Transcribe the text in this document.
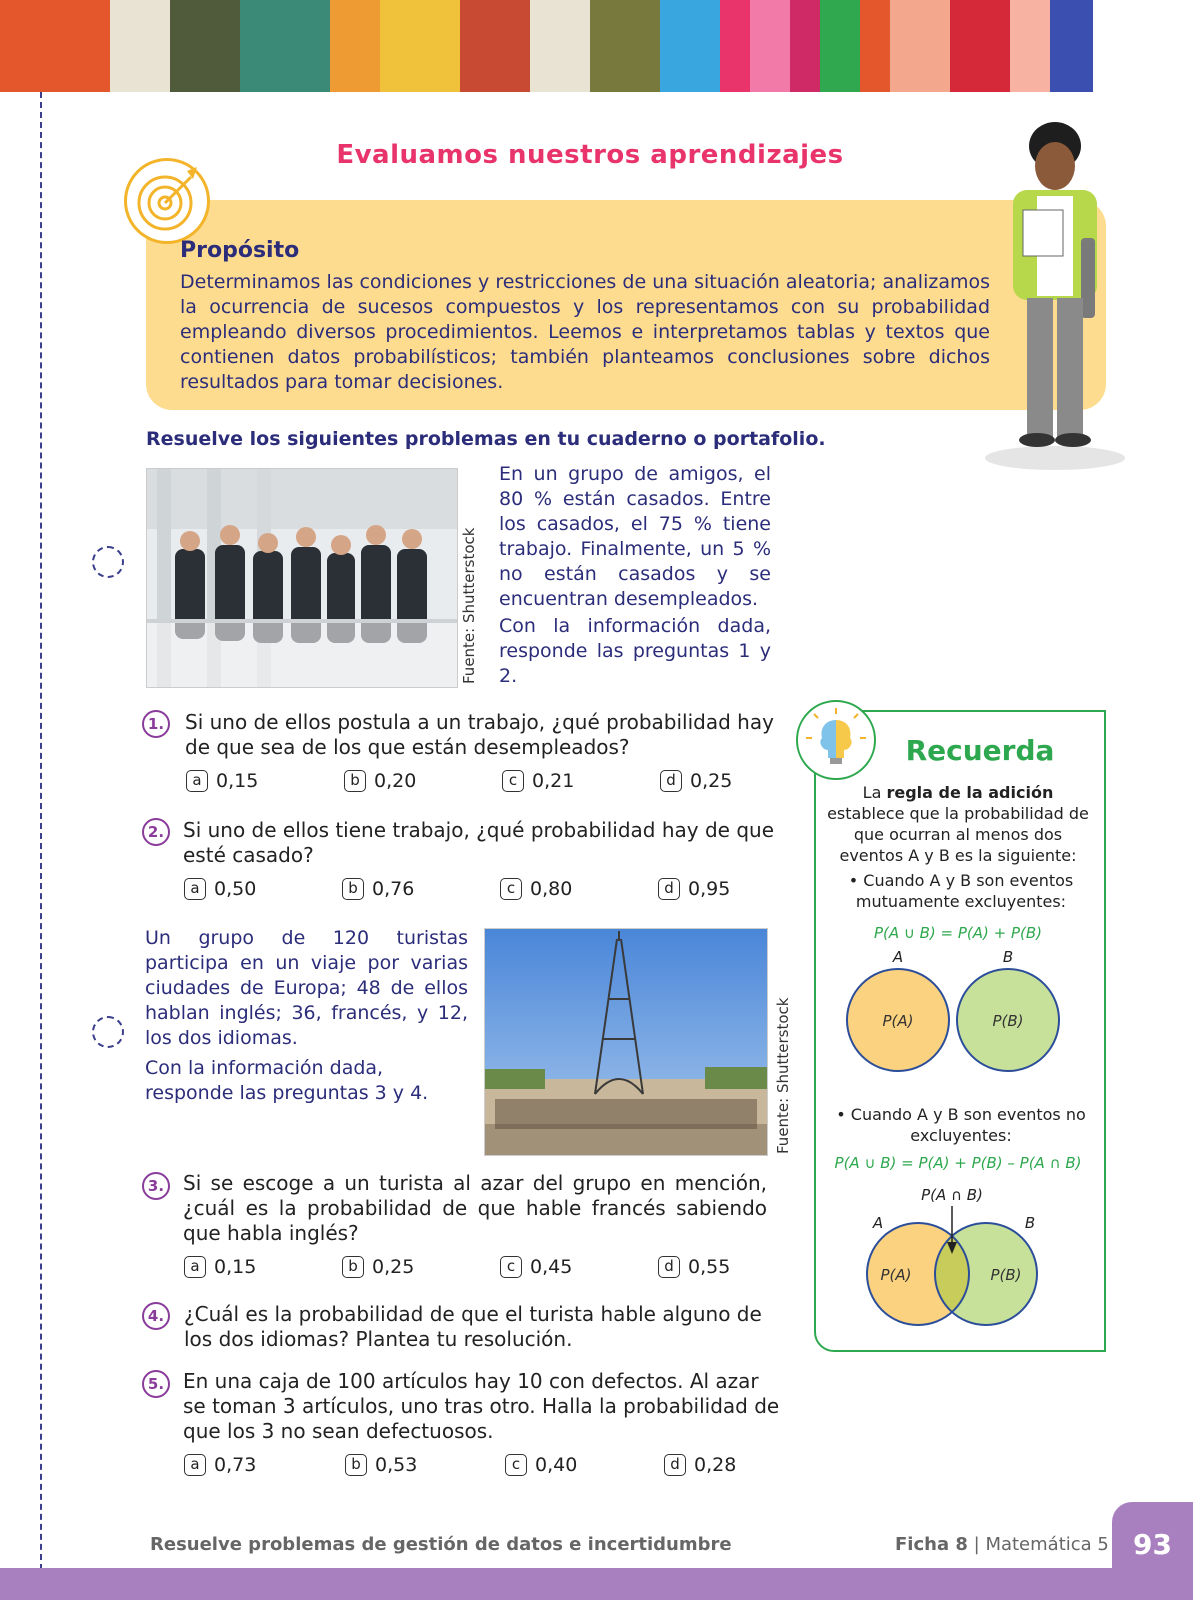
Evaluamos nuestros aprendizajes
Propósito
Determinamos las condiciones y restricciones de una situación aleatoria; analizamos la ocurrencia de sucesos compuestos y los representamos con su probabilidad empleando diversos procedimientos. Leemos e interpretamos tablas y textos que contienen datos probabilísticos; también planteamos conclusiones sobre dichos resultados para tomar decisiones.
Resuelve los siguientes problemas en tu cuaderno o portafolio.
Fuente: Shutterstock
En un grupo de amigos, el 80 % están casados. Entre los casados, el 75 % tiene trabajo. Finalmente, un 5 % no están casados y se encuentran desempleados.
Con la información dada, responde las preguntas 1 y 2.
1. Si uno de ellos postula a un trabajo, ¿qué probabilidad hay de que sea de los que están desempleados?
a 0,15	b 0,20	c 0,21	d 0,25
2. Si uno de ellos tiene trabajo, ¿qué probabilidad hay de que esté casado?
a 0,50	b 0,76	c 0,80	d 0,95
Un grupo de 120 turistas participa en un viaje por varias ciudades de Europa; 48 de ellos hablan inglés; 36, francés, y 12, los dos idiomas.
Con la información dada, responde las preguntas 3 y 4.	Fuente: Shutterstock
3. Si se escoge a un turista al azar del grupo en mención, ¿cuál es la probabilidad de que hable francés sabiendo que habla inglés?
a 0,15	b 0,25	c 0,45	d 0,55
4. ¿Cuál es la probabilidad de que el turista hable alguno de los dos idiomas? Plantea tu resolución.
5. En una caja de 100 artículos hay 10 con defectos. Al azar se toman 3 artículos, uno tras otro. Halla la probabilidad de que los 3 no sean defectuosos.
a 0,73	b 0,53	c 0,40	d 0,28
Recuerda
La regla de la adición establece que la probabilidad de que ocurran al menos dos eventos A y B es la siguiente:
• Cuando A y B son eventos mutuamente excluyentes:
P(A ∪ B) = P(A) + P(B)
A	B
P(A)	P(B)
• Cuando A y B son eventos no excluyentes:
P(A ∪ B) = P(A) + P(B) – P(A ∩ B)
P(A ∩ B)
A	B
P(A)	P(B)
Resuelve problemas de gestión de datos e incertidumbre	Ficha 8 | Matemática 5 93
